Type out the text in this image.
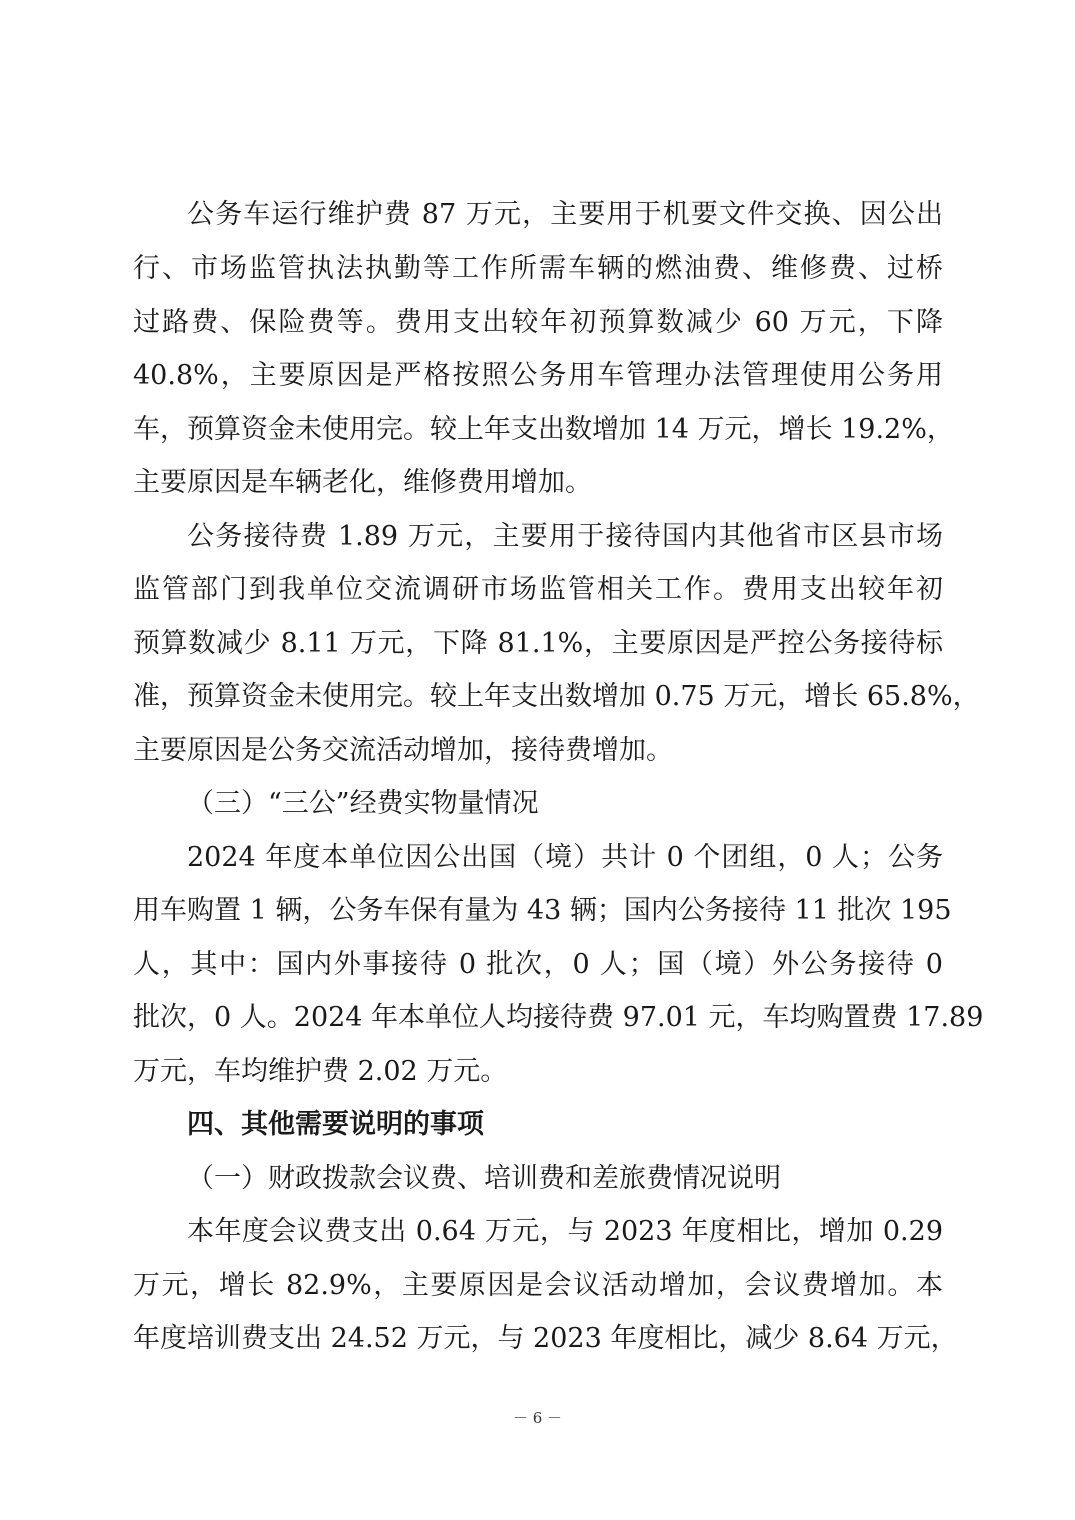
公务车运行维护费 87 万元，主要用于机要文件交换、因公出
行、市场监管执法执勤等工作所需车辆的燃油费、维修费、过桥
过路费、保险费等。费用支出较年初预算数减少 60 万元，下降
40.8%，主要原因是严格按照公务用车管理办法管理使用公务用
车，预算资金未使用完。较上年支出数增加 14 万元，增长 19.2%，
主要原因是车辆老化，维修费用增加。
公务接待费 1.89 万元，主要用于接待国内其他省市区县市场
监管部门到我单位交流调研市场监管相关工作。费用支出较年初
预算数减少 8.11 万元，下降 81.1%，主要原因是严控公务接待标
准，预算资金未使用完。较上年支出数增加 0.75 万元，增长 65.8%，
主要原因是公务交流活动增加，接待费增加。
（三）“三公”经费实物量情况
2024 年度本单位因公出国（境）共计 0 个团组，0 人；公务
用车购置 1 辆，公务车保有量为 43 辆；国内公务接待 11 批次 195
人，其中：国内外事接待 0 批次，0 人；国（境）外公务接待 0
批次，0 人。2024 年本单位人均接待费 97.01 元，车均购置费 17.89
万元，车均维护费 2.02 万元。
四、其他需要说明的事项
（一）财政拨款会议费、培训费和差旅费情况说明
本年度会议费支出 0.64 万元，与 2023 年度相比，增加 0.29
万元，增长 82.9%，主要原因是会议活动增加，会议费增加。本
年度培训费支出 24.52 万元，与 2023 年度相比，减少 8.64 万元，
－ 6 －
